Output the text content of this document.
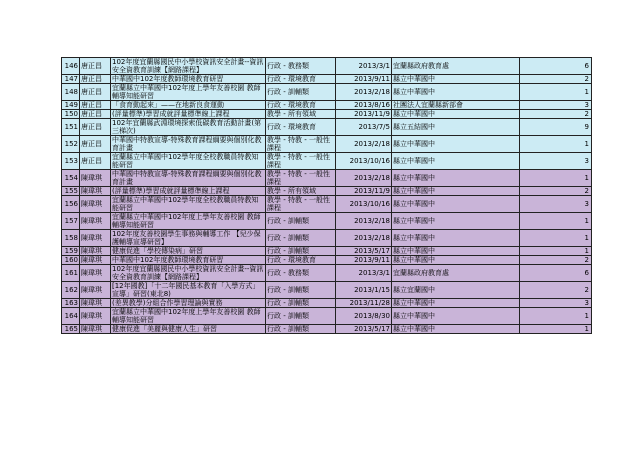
146	唐正昌	102年度宜蘭縣國民中小學校資訊安全計畫--資訊安全資教育訓練【網路課程】	行政 - 教務類	2013/3/1	宜蘭縣政府教育處	6	
147	唐正昌	中華國中102年度教師環境教育研習	行政 - 環境教育	2013/9/11	縣立中華國中	2	
148	唐正昌	宜蘭縣立中華國中102年度上學年友善校園 教師輔導知能研習	行政 - 訓輔類	2013/2/18	縣立中華國中	1	
149	唐正昌	「食育動起來」——在地新良食運動	行政 - 環境教育	2013/8/16	社團法人宜蘭縣新部會	3	
150	唐正昌	(評量標準)學習成就評量標準線上課程	教學 - 所有領域	2013/11/9	縣立中華國中	2	
151	唐正昌	102年宜蘭縣武淵環境探索低碳教育活動計畫(第三梯次)	行政 - 環境教育	2013/7/5	縣立五結國中	9	
152	唐正昌	中華國中特教宣導-特殊教育課程綱要與個別化教育計畫	教學 - 特教 - 一般性課程	2013/2/18	縣立中華國中	1	
153	唐正昌	宜蘭縣立中華國中102學年度全校教職員特教知能研習	教學 - 特教 - 一般性課程	2013/10/16	縣立中華國中	3	
154	陳瑋琪	中華國中特教宣導-特殊教育課程綱要與個別化教育計畫	教學 - 特教 - 一般性課程	2013/2/18	縣立中華國中	1	
155	陳瑋琪	(評量標準)學習成就評量標準線上課程	教學 - 所有領域	2013/11/9	縣立中華國中	2	
156	陳瑋琪	宜蘭縣立中華國中102學年度全校教職員特教知能研習	教學 - 特教 - 一般性課程	2013/10/16	縣立中華國中	3	
157	陳瑋琪	宜蘭縣立中華國中102年度上學年友善校園 教師輔導知能研習	行政 - 訓輔類	2013/2/18	縣立中華國中	1	
158	陳瑋琪	102年度友善校園學生事務與輔導工作 【兒少保護輔導宣導研習】	行政 - 訓輔類	2013/2/18	縣立中華國中	1	
159	陳瑋琪	健康促進「學校傳染病」研習	行政 - 訓輔類	2013/5/17	縣立中華國中	1	
160	陳瑋琪	中華國中102年度教師環境教育研習	行政 - 環境教育	2013/9/11	縣立中華國中	2	
161	陳瑋琪	102年度宜蘭縣國民中小學校資訊安全計畫--資訊安全資教育訓練【網路課程】	行政 - 教務類	2013/3/1	宜蘭縣政府教育處	6	
162	陳瑋琪	[12年國教]「十二年國民基本教育「入學方式」宣導」研習(東北8)	行政 - 訓輔類	2013/1/15	縣立宜蘭國中	2	
163	陳瑋琪	(差異教學)分組合作學習理論與實務	行政 - 訓輔類	2013/11/28	縣立中華國中	3	
164	陳瑋琪	宜蘭縣立中華國中102年度上學年友善校園 教師輔導知能研習	行政 - 訓輔類	2013/8/30	縣立中華國中	1	
165	陳瑋琪	健康促進「美麗與健康人生」研習	行政 - 訓輔類	2013/5/17	縣立中華國中	1	
